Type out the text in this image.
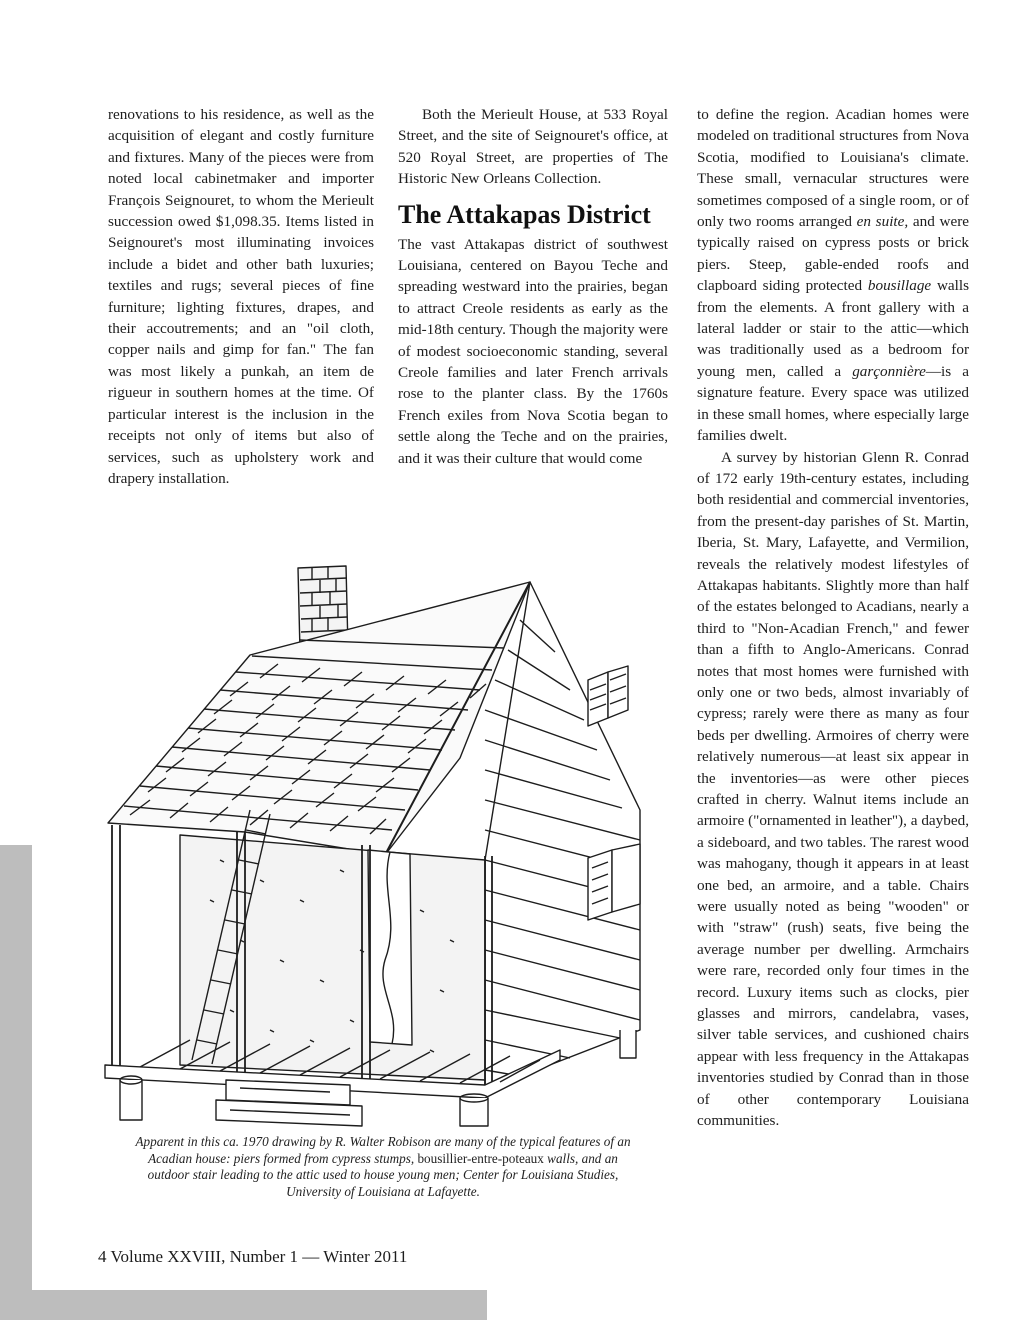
renovations to his residence, as well as the acquisition of elegant and costly furniture and fixtures. Many of the pieces were from noted local cabinetmaker and importer François Seignouret, to whom the Merieult succession owed $1,098.35. Items listed in Seignouret's most illuminating invoices include a bidet and other bath luxuries; textiles and rugs; several pieces of fine furniture; lighting fixtures, drapes, and their accoutrements; and an "oil cloth, copper nails and gimp for fan." The fan was most likely a punkah, an item de rigueur in southern homes at the time. Of particular interest is the inclusion in the receipts not only of items but also of services, such as upholstery work and drapery installation.

Both the Merieult House, at 533 Royal Street, and the site of Seignouret's office, at 520 Royal Street, are properties of The Historic New Orleans Collection.

The Attakapas District

The vast Attakapas district of southwest Louisiana, centered on Bayou Teche and spreading westward into the prairies, began to attract Creole residents as early as the mid-18th century. Though the majority were of modest socioeconomic standing, several Creole families and later French arrivals rose to the planter class. By the 1760s French exiles from Nova Scotia began to settle along the Teche and on the prairies, and it was their culture that would come

to define the region. Acadian homes were modeled on traditional structures from Nova Scotia, modified to Louisiana's climate. These small, vernacular structures were sometimes composed of a single room, or of only two rooms arranged en suite, and were typically raised on cypress posts or brick piers. Steep, gable-ended roofs and clapboard siding protected bousillage walls from the elements. A front gallery with a lateral ladder or stair to the attic—which was traditionally used as a bedroom for young men, called a garçonnière—is a signature feature. Every space was utilized in these small homes, where especially large families dwelt.

A survey by historian Glenn R. Conrad of 172 early 19th-century estates, including both residential and commercial inventories, from the present-day parishes of St. Martin, Iberia, St. Mary, Lafayette, and Vermilion, reveals the relatively modest lifestyles of Attakapas habitants. Slightly more than half of the estates belonged to Acadians, nearly a third to "Non-Acadian French," and fewer than a fifth to Anglo-Americans. Conrad notes that most homes were furnished with only one or two beds, almost invariably of cypress; rarely were there as many as four beds per dwelling. Armoires of cherry were relatively numerous—at least six appear in the inventories—as were other pieces crafted in cherry. Walnut items include an armoire ("ornamented in leather"), a daybed, a sideboard, and two tables. The rarest wood was mahogany, though it appears in at least one bed, an armoire, and a table. Chairs were usually noted as being "wooden" or with "straw" (rush) seats, five being the average number per dwelling. Armchairs were rare, recorded only four times in the record. Luxury items such as clocks, pier glasses and mirrors, candelabra, vases, silver table services, and cushioned chairs appear with less frequency in the Attakapas inventories studied by Conrad than in those of other contemporary Louisiana communities.

Apparent in this ca. 1970 drawing by R. Walter Robison are many of the typical features of an Acadian house: piers formed from cypress stumps, bousillier-entre-poteaux walls, and an outdoor stair leading to the attic used to house young men; Center for Louisiana Studies, University of Louisiana at Lafayette.
4 Volume XXVIII, Number 1 — Winter 2011
